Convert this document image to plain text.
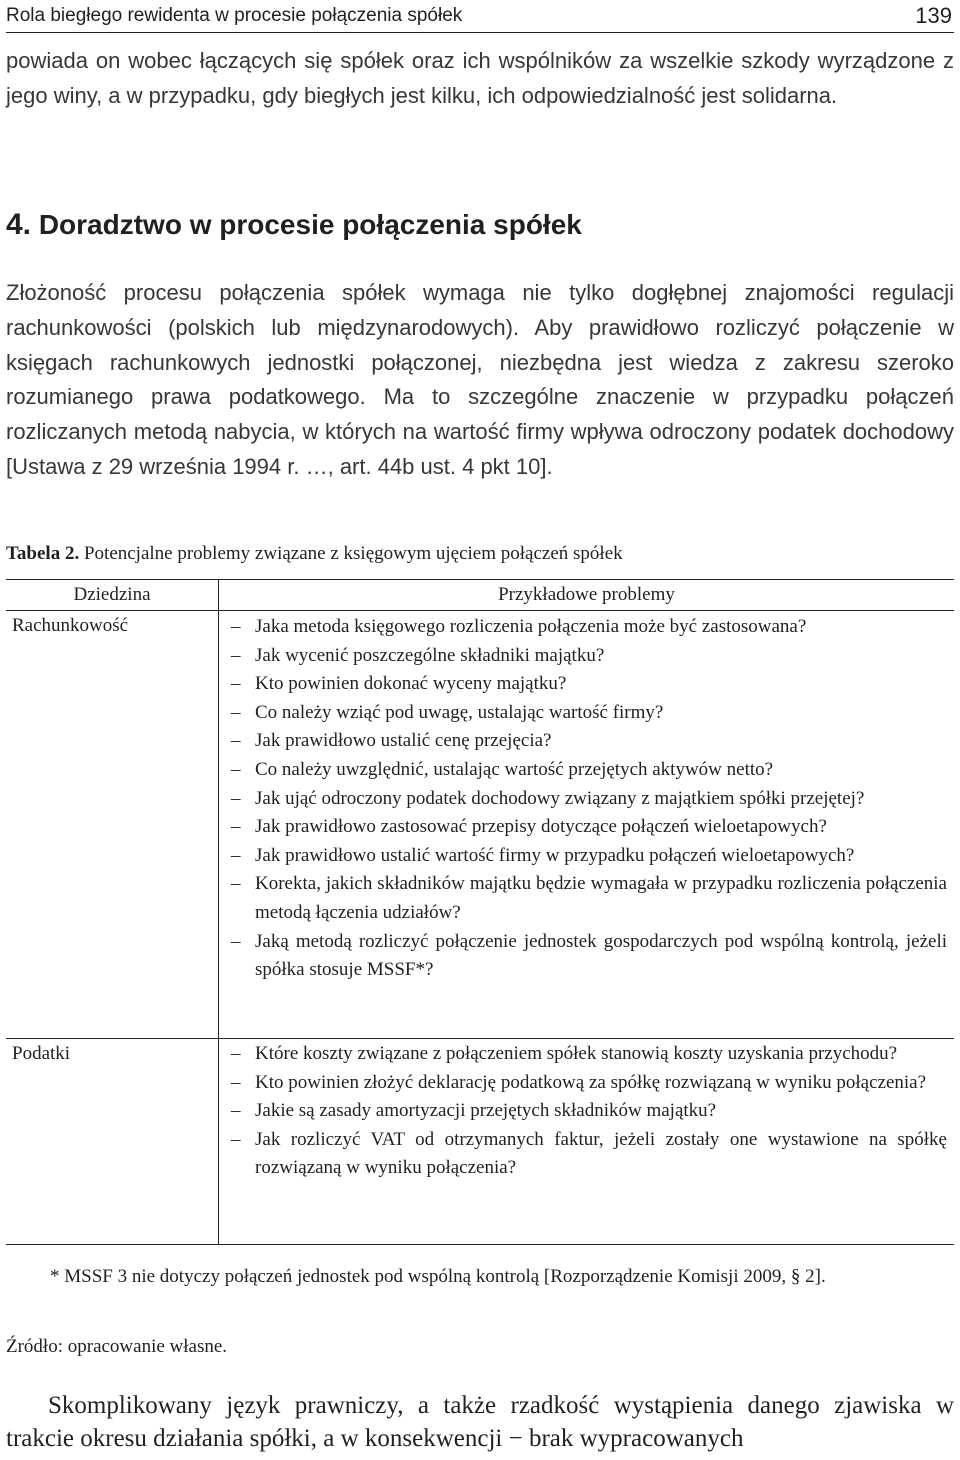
Rola biegłego rewidenta w procesie połączenia spółek	139

powiada on wobec łączących się spółek oraz ich wspólników za wszelkie szkody wyrządzone z jego winy, a w przypadku, gdy biegłych jest kilku, ich odpowiedzialność jest solidarna.

4. Doradztwo w procesie połączenia spółek

Złożoność procesu połączenia spółek wymaga nie tylko dogłębnej znajomości regulacji rachunkowości (polskich lub międzynarodowych). Aby prawidłowo rozliczyć połączenie w księgach rachunkowych jednostki połączonej, niezbędna jest wiedza z zakresu szeroko rozumianego prawa podatkowego. Ma to szczególne znaczenie w przypadku połączeń rozliczanych metodą nabycia, w których na wartość firmy wpływa odroczony podatek dochodowy [Ustawa z 29 września 1994 r. …, art. 44b ust. 4 pkt 10].

Tabela 2. Potencjalne problemy związane z księgowym ujęciem połączeń spółek

Dziedzina	Przykładowe problemy
Rachunkowość	– Jaka metoda księgowego rozliczenia połączenia może być zastosowana?
– Jak wycenić poszczególne składniki majątku?
– Kto powinien dokonać wyceny majątku?
– Co należy wziąć pod uwagę, ustalając wartość firmy?
– Jak prawidłowo ustalić cenę przejęcia?
– Co należy uwzględnić, ustalając wartość przejętych aktywów netto?
– Jak ująć odroczony podatek dochodowy związany z majątkiem spółki przejętej?
– Jak prawidłowo zastosować przepisy dotyczące połączeń wieloetapowych?
– Jak prawidłowo ustalić wartość firmy w przypadku połączeń wieloetapowych?
– Korekta, jakich składników majątku będzie wymagała w przypadku rozliczenia połączenia metodą łączenia udziałów?
– Jaką metodą rozliczyć połączenie jednostek gospodarczych pod wspólną kontrolą, jeżeli spółka stosuje MSSF*?
Podatki	– Które koszty związane z połączeniem spółek stanowią koszty uzyskania przychodu?
– Kto powinien złożyć deklarację podatkową za spółkę rozwiązaną w wyniku połączenia?
– Jakie są zasady amortyzacji przejętych składników majątku?
– Jak rozliczyć VAT od otrzymanych faktur, jeżeli zostały one wystawione na spółkę rozwiązaną w wyniku połączenia?

* MSSF 3 nie dotyczy połączeń jednostek pod wspólną kontrolą [Rozporządzenie Komisji 2009, § 2].

Źródło: opracowanie własne.

Skomplikowany język prawniczy, a także rzadkość wystąpienia danego zjawiska w trakcie okresu działania spółki, a w konsekwencji − brak wypracowanych
